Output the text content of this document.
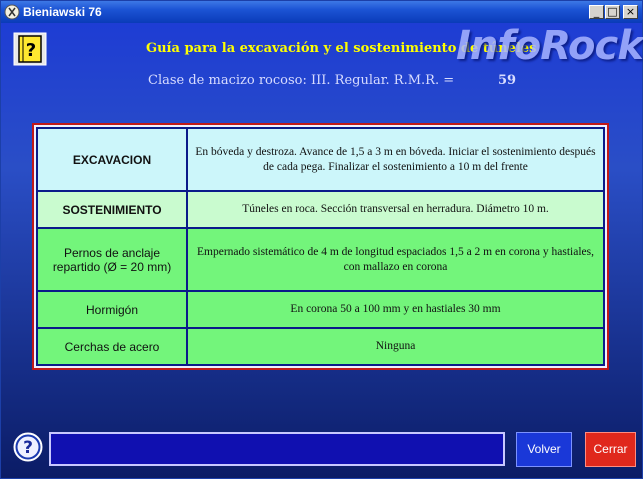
Bieniawski 76	_ □ ×
?	Guía para la excavación y el sostenimiento de túneles
InfoRock
Clase de macizo rocoso: III. Regular. R.M.R. =	59
EXCAVACION	En bóveda y destroza. Avance de 1,5 a 3 m en bóveda. Iniciar el sostenimiento después de cada pega. Finalizar el sostenimiento a 10 m del frente
SOSTENIMIENTO	Túneles en roca. Sección transversal en herradura. Diámetro 10 m.
Pernos de anclaje repartido (Ø = 20 mm)	Empernado sistemático de 4 m de longitud espaciados 1,5 a 2 m en corona y hastiales, con mallazo en corona
Hormigón	En corona 50 a 100 mm y en hastiales 30 mm
Cerchas de acero	Ninguna
?	Volver	Cerrar
